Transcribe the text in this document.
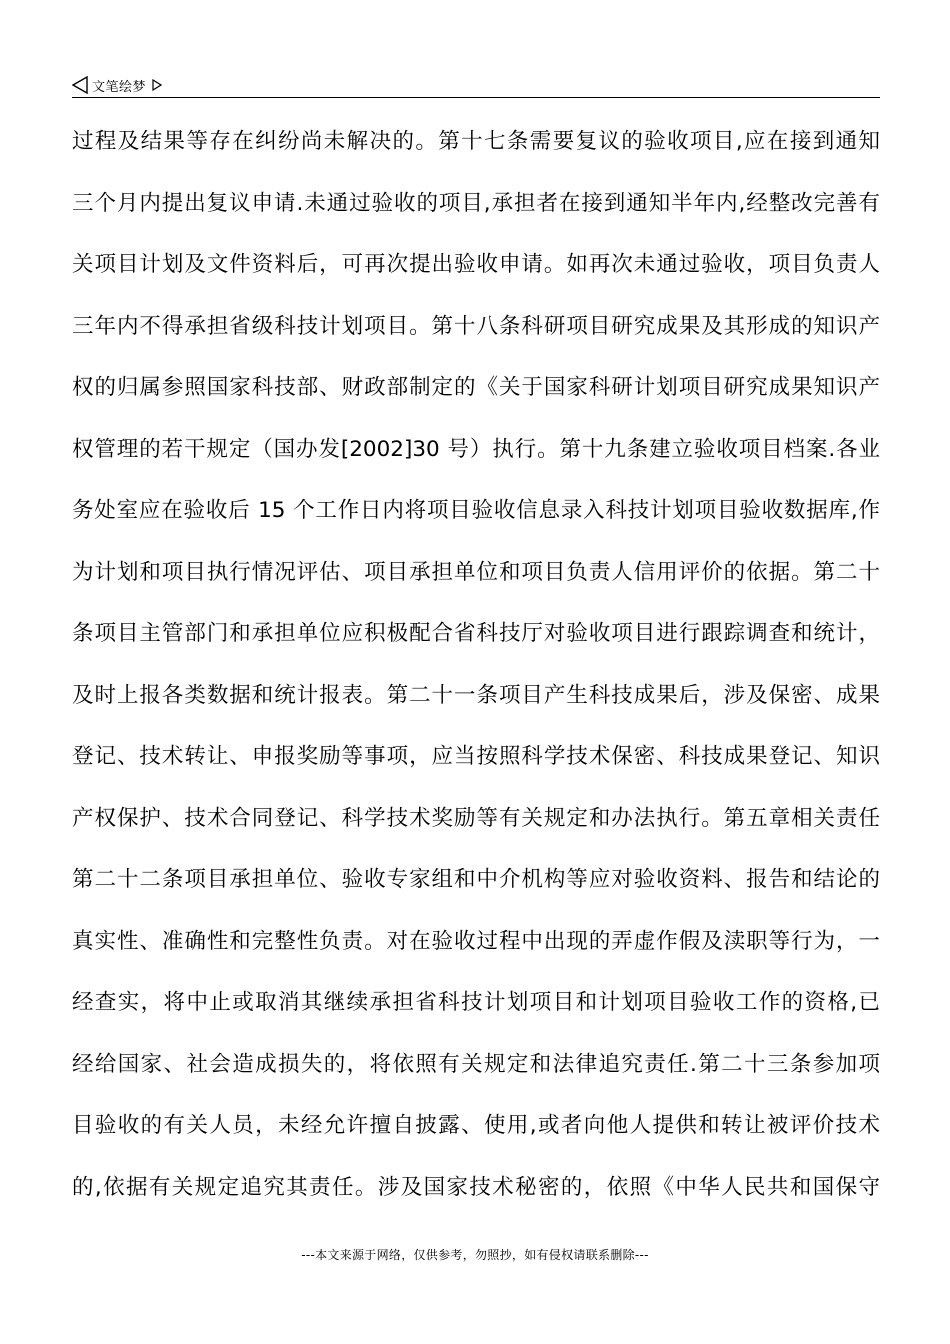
文笔绘梦
过程及结果等存在纠纷尚未解决的。第十七条需要复议的验收项目,应在接到通知
三个月内提出复议申请.未通过验收的项目,承担者在接到通知半年内,经整改完善有
关项目计划及文件资料后，可再次提出验收申请。如再次未通过验收，项目负责人
三年内不得承担省级科技计划项目。第十八条科研项目研究成果及其形成的知识产
权的归属参照国家科技部、财政部制定的《关于国家科研计划项目研究成果知识产
权管理的若干规定（国办发[2002]30 号）执行。第十九条建立验收项目档案.各业
务处室应在验收后 15 个工作日内将项目验收信息录入科技计划项目验收数据库,作
为计划和项目执行情况评估、项目承担单位和项目负责人信用评价的依据。第二十
条项目主管部门和承担单位应积极配合省科技厅对验收项目进行跟踪调查和统计，
及时上报各类数据和统计报表。第二十一条项目产生科技成果后，涉及保密、成果
登记、技术转让、申报奖励等事项，应当按照科学技术保密、科技成果登记、知识
产权保护、技术合同登记、科学技术奖励等有关规定和办法执行。第五章相关责任
第二十二条项目承担单位、验收专家组和中介机构等应对验收资料、报告和结论的
真实性、准确性和完整性负责。对在验收过程中出现的弄虚作假及渎职等行为，一
经查实，将中止或取消其继续承担省科技计划项目和计划项目验收工作的资格,已
经给国家、社会造成损失的，将依照有关规定和法律追究责任.第二十三条参加项
目验收的有关人员，未经允许擅自披露、使用,或者向他人提供和转让被评价技术
的,依据有关规定追究其责任。涉及国家技术秘密的，依照《中华人民共和国保守
---本文来源于网络，仅供参考，勿照抄，如有侵权请联系删除---
